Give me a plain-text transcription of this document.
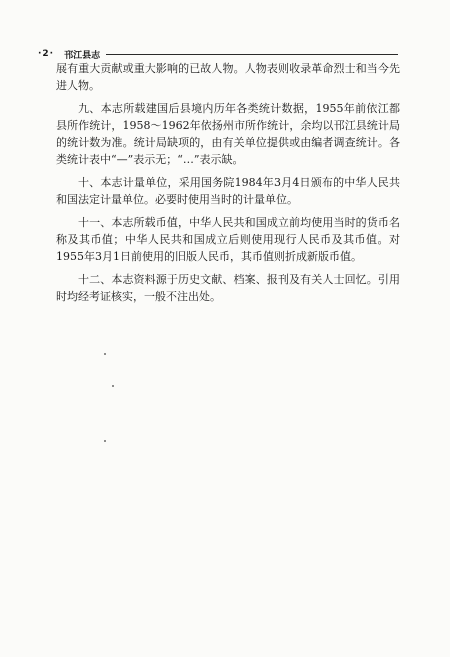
·2· 邗江县志

展有重大贡献或重大影响的已故人物。人物表则收录革命烈士和当今先进人物。

九、本志所载建国后县境内历年各类统计数据，1955年前依江都县所作统计，1958～1962年依扬州市所作统计，余均以邗江县统计局的统计数为准。统计局缺项的，由有关单位提供或由编者调查统计。各类统计表中“—”表示无；“…”表示缺。

十、本志计量单位，采用国务院1984年3月4日颁布的中华人民共和国法定计量单位。必要时使用当时的计量单位。

十一、本志所载币值，中华人民共和国成立前均使用当时的货币名称及其币值；中华人民共和国成立后则使用现行人民币及其币值。对1955年3月1日前使用的旧版人民币，其币值则折成新版币值。

十二、本志资料源于历史文献、档案、报刊及有关人士回忆。引用时均经考证核实，一般不注出处。
